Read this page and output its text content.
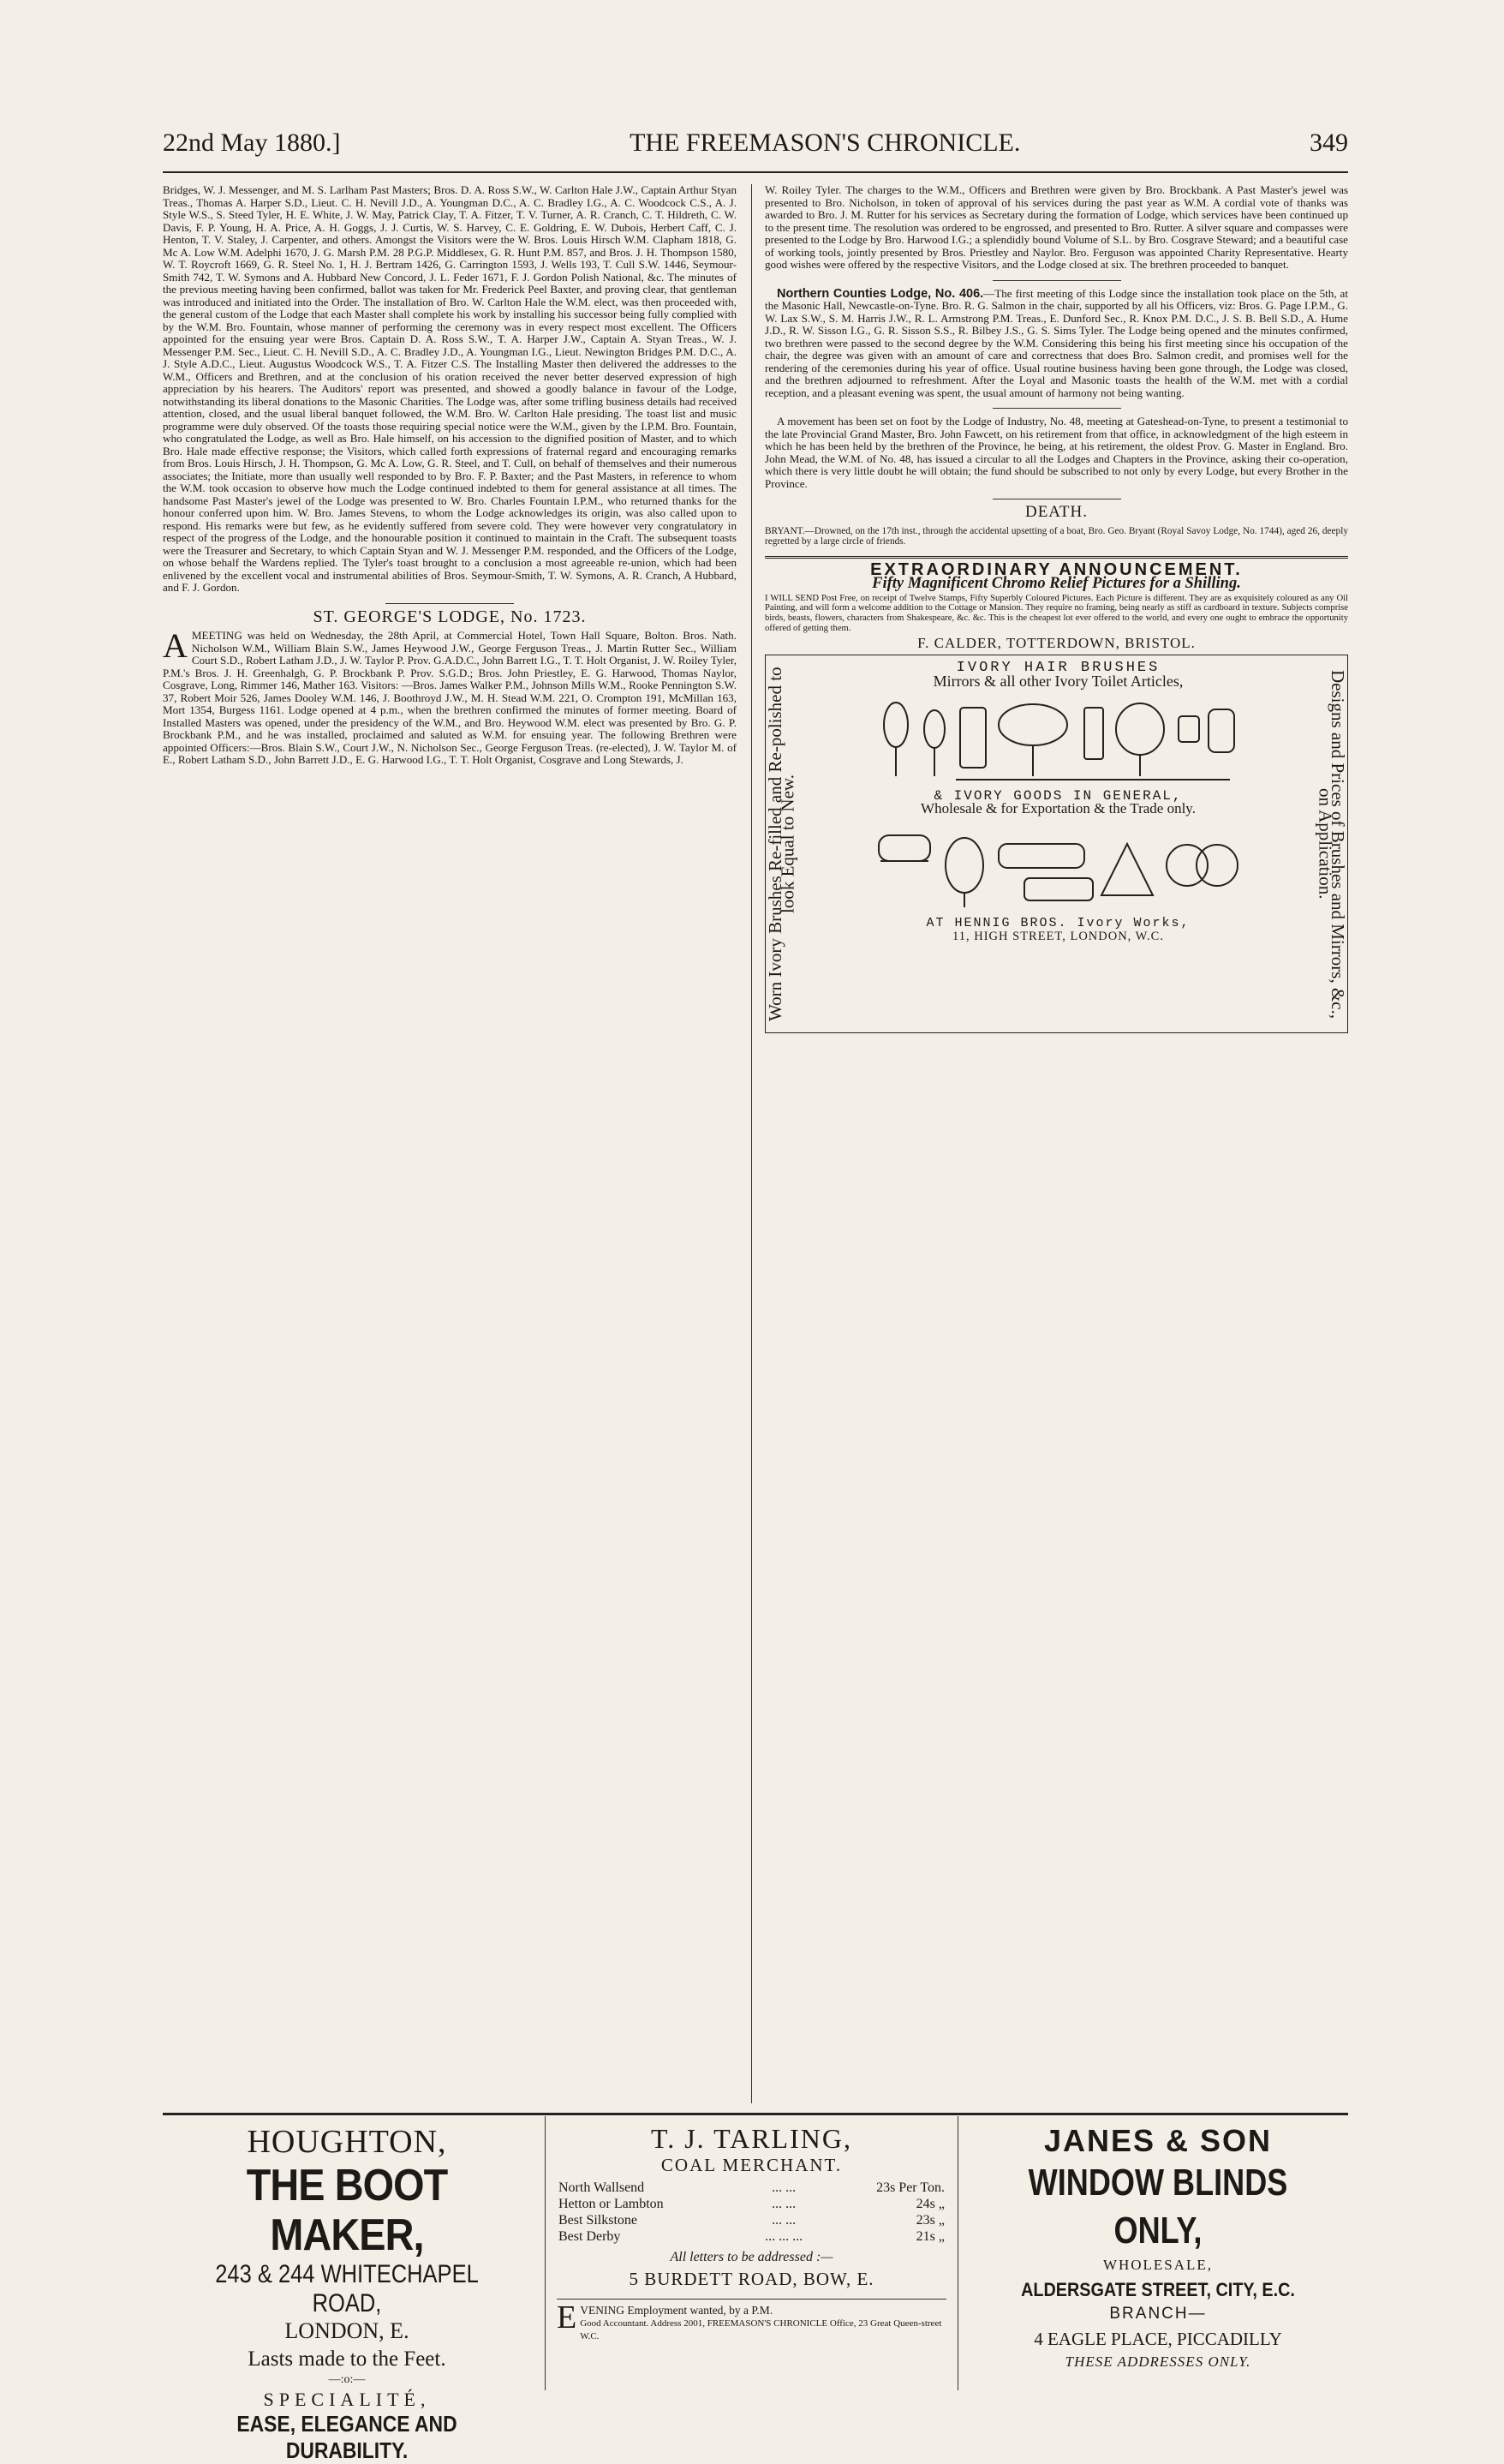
22nd May 1880.]	THE FREEMASON'S CHRONICLE.	349

Bridges, W. J. Messenger, and M. S. Larlham Past Masters; Bros. D. A. Ross S.W., W. Carlton Hale J.W., Captain Arthur Styan Treas., Thomas A. Harper S.D., Lieut. C. H. Nevill J.D., A. Youngman D.C., A. C. Bradley I.G., A. C. Woodcock C.S., A. J. Style W.S., S. Steed Tyler, H. E. White, J. W. May, Patrick Clay, T. A. Fitzer, T. V. Turner, A. R. Cranch, C. T. Hildreth, C. W. Davis, F. P. Young, H. A. Price, A. H. Goggs, J. J. Curtis, W. S. Harvey, C. E. Goldring, E. W. Dubois, Herbert Caff, C. J. Henton, T. V. Staley, J. Carpenter, and others. Amongst the Visitors were the W. Bros. Louis Hirsch W.M. Clapham 1818, G. Mc A. Low W.M. Adelphi 1670, J. G. Marsh P.M. 28 P.G.P. Middlesex, G. R. Hunt P.M. 857, and Bros. J. H. Thompson 1580, W. T. Roycroft 1669, G. R. Steel No. 1, H. J. Bertram 1426, G. Carrington 1593, J. Wells 193, T. Cull S.W. 1446, Seymour-Smith 742, T. W. Symons and A. Hubbard New Concord, J. L. Feder 1671, F. J. Gordon Polish National, &c. The minutes of the previous meeting having been confirmed, ballot was taken for Mr. Frederick Peel Baxter, and proving clear, that gentleman was introduced and initiated into the Order. The installation of Bro. W. Carlton Hale the W.M. elect, was then proceeded with, the general custom of the Lodge that each Master shall complete his work by installing his successor being fully complied with by the W.M. Bro. Fountain, whose manner of performing the ceremony was in every respect most excellent. The Officers appointed for the ensuing year were Bros. Captain D. A. Ross S.W., T. A. Harper J.W., Captain A. Styan Treas., W. J. Messenger P.M. Sec., Lieut. C. H. Nevill S.D., A. C. Bradley J.D., A. Youngman I.G., Lieut. Newington Bridges P.M. D.C., A. J. Style A.D.C., Lieut. Augustus Woodcock W.S., T. A. Fitzer C.S. The Installing Master then delivered the addresses to the W.M., Officers and Brethren, and at the conclusion of his oration received the never better deserved expression of high appreciation by his hearers. The Auditors' report was presented, and showed a goodly balance in favour of the Lodge, notwithstanding its liberal donations to the Masonic Charities. The Lodge was, after some trifling business details had received attention, closed, and the usual liberal banquet followed, the W.M. Bro. W. Carlton Hale presiding. The toast list and music programme were duly observed. Of the toasts those requiring special notice were the W.M., given by the I.P.M. Bro. Fountain, who congratulated the Lodge, as well as Bro. Hale himself, on his accession to the dignified position of Master, and to which Bro. Hale made effective response; the Visitors, which called forth expressions of fraternal regard and encouraging remarks from Bros. Louis Hirsch, J. H. Thompson, G. Mc A. Low, G. R. Steel, and T. Cull, on behalf of themselves and their numerous associates; the Initiate, more than usually well responded to by Bro. F. P. Baxter; and the Past Masters, in reference to whom the W.M. took occasion to observe how much the Lodge continued indebted to them for general assistance at all times. The handsome Past Master's jewel of the Lodge was presented to W. Bro. Charles Fountain I.P.M., who returned thanks for the honour conferred upon him. W. Bro. James Stevens, to whom the Lodge acknowledges its origin, was also called upon to respond. His remarks were but few, as he evidently suffered from severe cold. They were however very congratulatory in respect of the progress of the Lodge, and the honourable position it continued to maintain in the Craft. The subsequent toasts were the Treasurer and Secretary, to which Captain Styan and W. J. Messenger P.M. responded, and the Officers of the Lodge, on whose behalf the Wardens replied. The Tyler's toast brought to a conclusion a most agreeable re-union, which had been enlivened by the excellent vocal and instrumental abilities of Bros. Seymour-Smith, T. W. Symons, A. R. Cranch, A Hubbard, and F. J. Gordon.

ST. GEORGE'S LODGE, No. 1723.

AMEETING was held on Wednesday, the 28th April, at Commercial Hotel, Town Hall Square, Bolton. Bros. Nath. Nicholson W.M., William Blain S.W., James Heywood J.W., George Ferguson Treas., J. Martin Rutter Sec., William Court S.D., Robert Latham J.D., J. W. Taylor P. Prov. G.A.D.C., John Barrett I.G., T. T. Holt Organist, J. W. Roiley Tyler, P.M.'s Bros. J. H. Greenhalgh, G. P. Brockbank P. Prov. S.G.D.; Bros. John Priestley, E. G. Harwood, Thomas Naylor, Cosgrave, Long, Rimmer 146, Mather 163. Visitors: —Bros. James Walker P.M., Johnson Mills W.M., Rooke Pennington S.W. 37, Robert Moir 526, James Dooley W.M. 146, J. Boothroyd J.W., M. H. Stead W.M. 221, O. Crompton 191, McMillan 163, Mort 1354, Burgess 1161. Lodge opened at 4 p.m., when the brethren confirmed the minutes of former meeting. Board of Installed Masters was opened, under the presidency of the W.M., and Bro. Heywood W.M. elect was presented by Bro. G. P. Brockbank P.M., and he was installed, proclaimed and saluted as W.M. for ensuing year. The following Brethren were appointed Officers:—Bros. Blain S.W., Court J.W., N. Nicholson Sec., George Ferguson Treas. (re-elected), J. W. Taylor M. of E., Robert Latham S.D., John Barrett J.D., E. G. Harwood I.G., T. T. Holt Organist, Cosgrave and Long Stewards, J.

W. Roiley Tyler. The charges to the W.M., Officers and Brethren were given by Bro. Brockbank. A Past Master's jewel was presented to Bro. Nicholson, in token of approval of his services during the past year as W.M. A cordial vote of thanks was awarded to Bro. J. M. Rutter for his services as Secretary during the formation of Lodge, which services have been continued up to the present time. The resolution was ordered to be engrossed, and presented to Bro. Rutter. A silver square and compasses were presented to the Lodge by Bro. Harwood I.G.; a splendidly bound Volume of S.L. by Bro. Cosgrave Steward; and a beautiful case of working tools, jointly presented by Bros. Priestley and Naylor. Bro. Ferguson was appointed Charity Representative. Hearty good wishes were offered by the respective Visitors, and the Lodge closed at six. The brethren proceeded to banquet.

Northern Counties Lodge, No. 406.—The first meeting of this Lodge since the installation took place on the 5th, at the Masonic Hall, Newcastle-on-Tyne. Bro. R. G. Salmon in the chair, supported by all his Officers, viz: Bros. G. Page I.P.M., G. W. Lax S.W., S. M. Harris J.W., R. L. Armstrong P.M. Treas., E. Dunford Sec., R. Knox P.M. D.C., J. S. B. Bell S.D., A. Hume J.D., R. W. Sisson I.G., G. R. Sisson S.S., R. Bilbey J.S., G. S. Sims Tyler. The Lodge being opened and the minutes confirmed, two brethren were passed to the second degree by the W.M. Considering this being his first meeting since his occupation of the chair, the degree was given with an amount of care and correctness that does Bro. Salmon credit, and promises well for the rendering of the ceremonies during his year of office. Usual routine business having been gone through, the Lodge was closed, and the brethren adjourned to refreshment. After the Loyal and Masonic toasts the health of the W.M. met with a cordial reception, and a pleasant evening was spent, the usual amount of harmony not being wanting.

A movement has been set on foot by the Lodge of Industry, No. 48, meeting at Gateshead-on-Tyne, to present a testimonial to the late Provincial Grand Master, Bro. John Fawcett, on his retirement from that office, in acknowledgment of the high esteem in which he has been held by the brethren of the Province, he being, at his retirement, the oldest Prov. G. Master in England. Bro. John Mead, the W.M. of No. 48, has issued a circular to all the Lodges and Chapters in the Province, asking their co-operation, which there is very little doubt he will obtain; the fund should be subscribed to not only by every Lodge, but every Brother in the Province.

DEATH.

BRYANT.—Drowned, on the 17th inst., through the accidental upsetting of a boat, Bro. Geo. Bryant (Royal Savoy Lodge, No. 1744), aged 26, deeply regretted by a large circle of friends.

EXTRAORDINARY ANNOUNCEMENT.
Fifty Magnificent Chromo Relief Pictures for a Shilling.
I WILL SEND Post Free, on receipt of Twelve Stamps, Fifty Superbly Coloured Pictures. Each Picture is different. They are as exquisitely coloured as any Oil Painting, and will form a welcome addition to the Cottage or Mansion. They require no framing, being nearly as stiff as cardboard in texture. Subjects comprise birds, beasts, flowers, characters from Shakespeare, &c. &c. This is the cheapest lot ever offered to the world, and every one ought to embrace the opportunity offered of getting them.
F. CALDER, TOTTERDOWN, BRISTOL.
Worn Ivory Brushes Re-filled and Re-polished to look Equal to New.	Designs and Prices of Brushes and Mirrors, &c., on Application.
IVORY HAIR BRUSHES
Mirrors & all other Ivory Toilet Articles,
& IVORY GOODS IN GENERAL,
Wholesale & for Exportation & the Trade only.
AT HENNIG BROS. Ivory Works,
11, HIGH STREET, LONDON, W.C.
HOUGHTON,
THE BOOT MAKER,
243 & 244 WHITECHAPEL ROAD,
LONDON, E.
Lasts made to the Feet.
—:o:—
SPECIALITÉ,
EASE, ELEGANCE AND DURABILITY.
T. J. TARLING,
COAL MERCHANT.
North Wallsend	... ...	23s Per Ton.
Hetton or Lambton	... ...	24s „
Best Silkstone	... ...	23s „
Best Derby	... ... ...	21s „
All letters to be addressed :—
5 BURDETT ROAD, BOW, E.
EVENING Employment wanted, by a P.M.
Good Accountant. Address 2001, FREEMASON'S CHRONICLE Office, 23 Great Queen-street W.C.
JANES & SON
WINDOW BLINDS ONLY,
WHOLESALE,
ALDERSGATE STREET, CITY, E.C.
BRANCH—
4 EAGLE PLACE, PICCADILLY
THESE ADDRESSES ONLY.
